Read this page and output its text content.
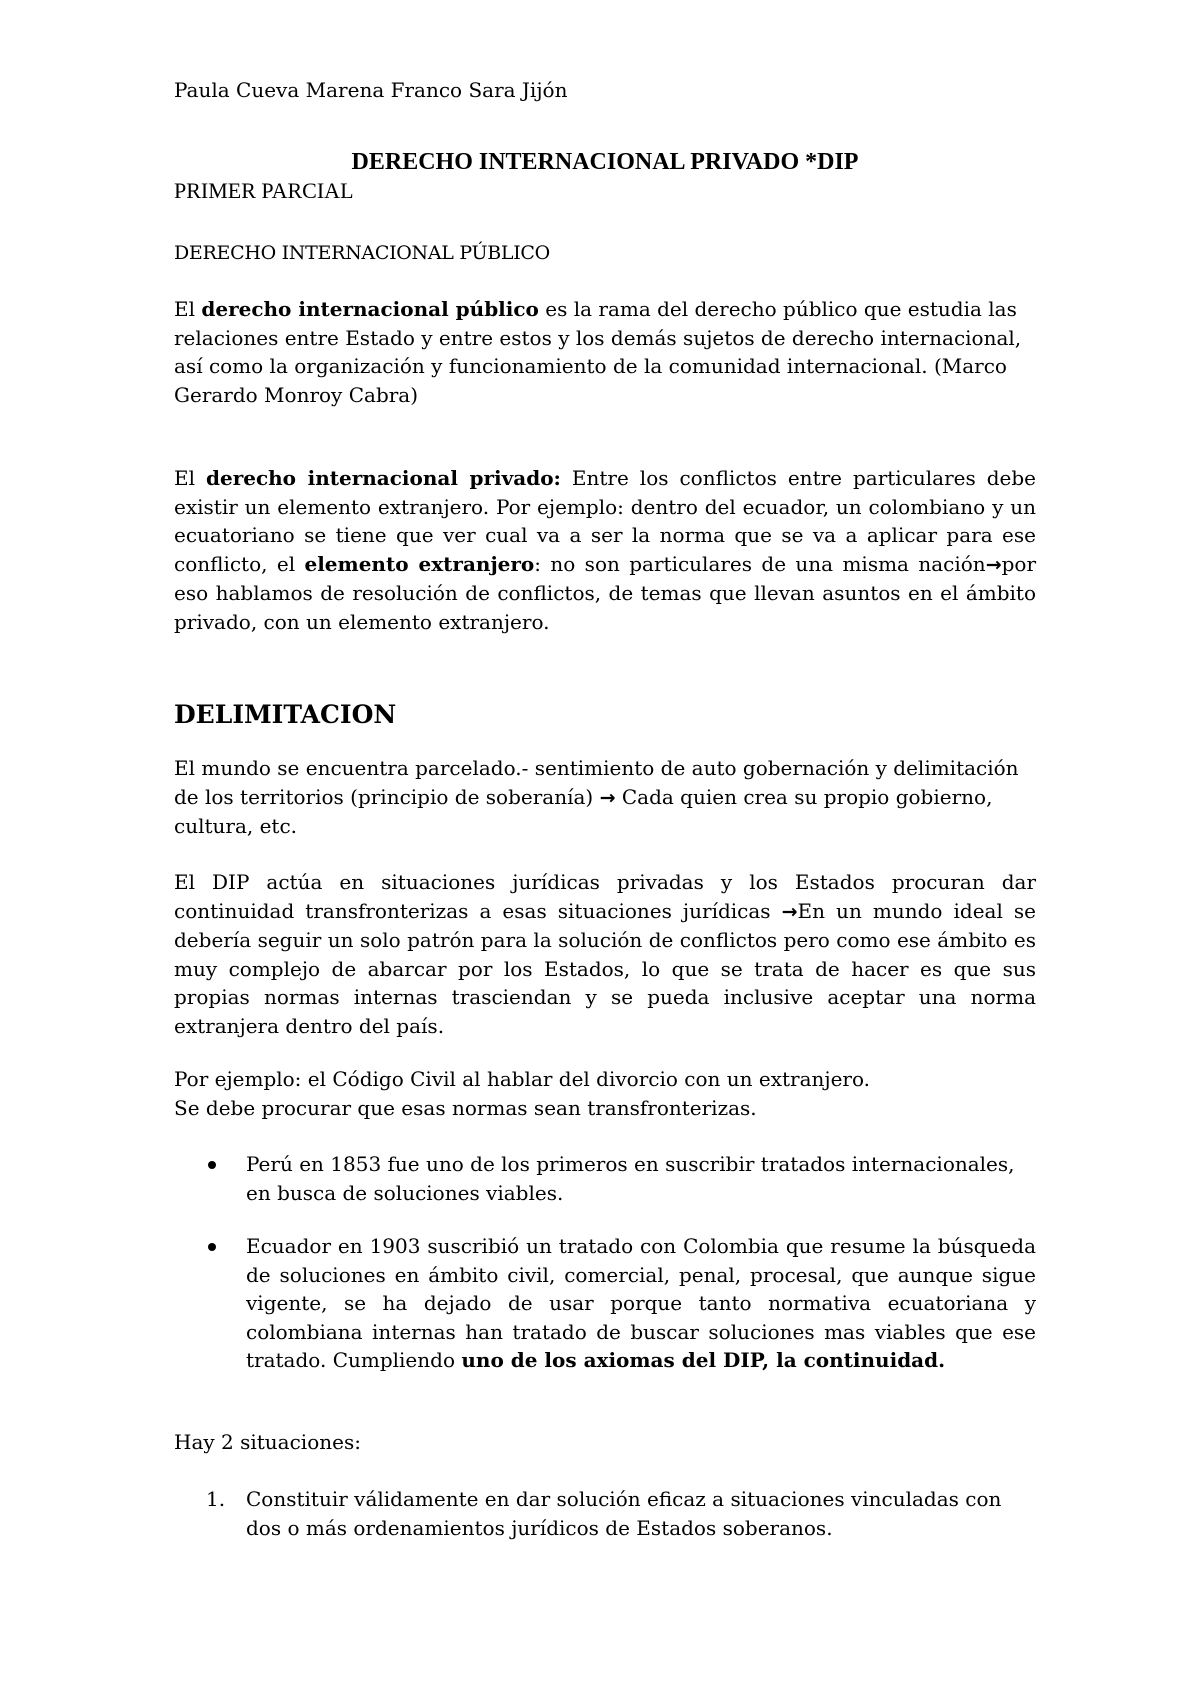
Paula Cueva Marena Franco Sara Jijón
DERECHO INTERNACIONAL PRIVADO *DIP
PRIMER PARCIAL
DERECHO INTERNACIONAL PÚBLICO

El derecho internacional público es la rama del derecho público que estudia las relaciones entre Estado y entre estos y los demás sujetos de derecho internacional, así como la organización y funcionamiento de la comunidad internacional. (Marco Gerardo Monroy Cabra)

El derecho internacional privado: Entre los conflictos entre particulares debe existir un elemento extranjero. Por ejemplo: dentro del ecuador, un colombiano y un ecuatoriano se tiene que ver cual va a ser la norma que se va a aplicar para ese conflicto, el elemento extranjero: no son particulares de una misma nación→por eso hablamos de resolución de conflictos, de temas que llevan asuntos en el ámbito privado, con un elemento extranjero.

DELIMITACION

El mundo se encuentra parcelado.- sentimiento de auto gobernación y delimitación de los territorios (principio de soberanía) → Cada quien crea su propio gobierno, cultura, etc.

El DIP actúa en situaciones jurídicas privadas y los Estados procuran dar continuidad transfronterizas a esas situaciones jurídicas →En un mundo ideal se debería seguir un solo patrón para la solución de conflictos pero como ese ámbito es muy complejo de abarcar por los Estados, lo que se trata de hacer es que sus propias normas internas trasciendan y se pueda inclusive aceptar una norma extranjera dentro del país.

Por ejemplo: el Código Civil al hablar del divorcio con un extranjero.
Se debe procurar que esas normas sean transfronterizas.

Perú en 1853 fue uno de los primeros en suscribir tratados internacionales, en busca de soluciones viables.
Ecuador en 1903 suscribió un tratado con Colombia que resume la búsqueda de soluciones en ámbito civil, comercial, penal, procesal, que aunque sigue vigente, se ha dejado de usar porque tanto normativa ecuatoriana y colombiana internas han tratado de buscar soluciones mas viables que ese tratado. Cumpliendo uno de los axiomas del DIP, la continuidad.

Hay 2 situaciones:

1. Constituir válidamente en dar solución eficaz a situaciones vinculadas con dos o más ordenamientos jurídicos de Estados soberanos.
